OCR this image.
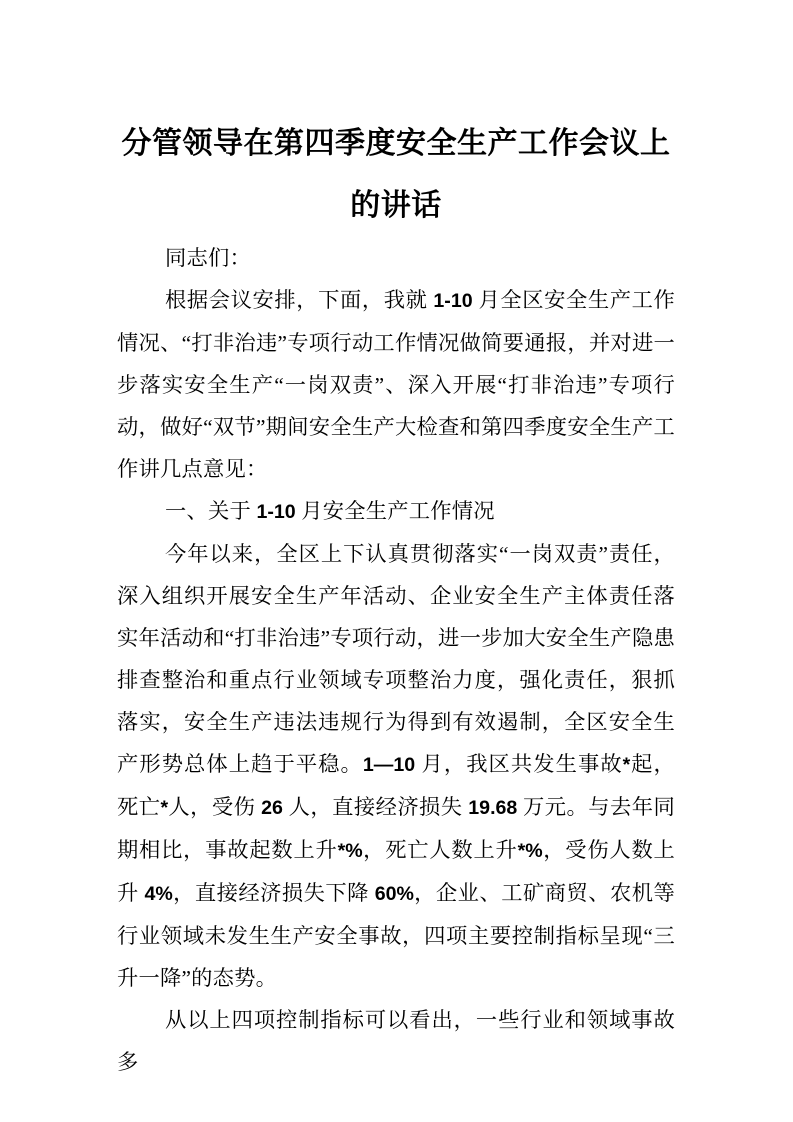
分管领导在第四季度安全生产工作会议上的讲话

同志们：

根据会议安排，下面，我就 1-10 月全区安全生产工作情况、“打非治违”专项行动工作情况做简要通报，并对进一步落实安全生产“一岗双责”、深入开展“打非治违”专项行动，做好“双节”期间安全生产大检查和第四季度安全生产工作讲几点意见：

一、关于 1-10 月安全生产工作情况

今年以来，全区上下认真贯彻落实“一岗双责”责任，深入组织开展安全生产年活动、企业安全生产主体责任落实年活动和“打非治违”专项行动，进一步加大安全生产隐患排查整治和重点行业领域专项整治力度，强化责任，狠抓落实，安全生产违法违规行为得到有效遏制，全区安全生产形势总体上趋于平稳。1—10 月，我区共发生事故*起，死亡*人，受伤 26 人，直接经济损失 19.68 万元。与去年同期相比，事故起数上升*%，死亡人数上升*%，受伤人数上升 4%，直接经济损失下降 60%，企业、工矿商贸、农机等行业领域未发生生产安全事故，四项主要控制指标呈现“三升一降”的态势。

从以上四项控制指标可以看出，一些行业和领域事故多
